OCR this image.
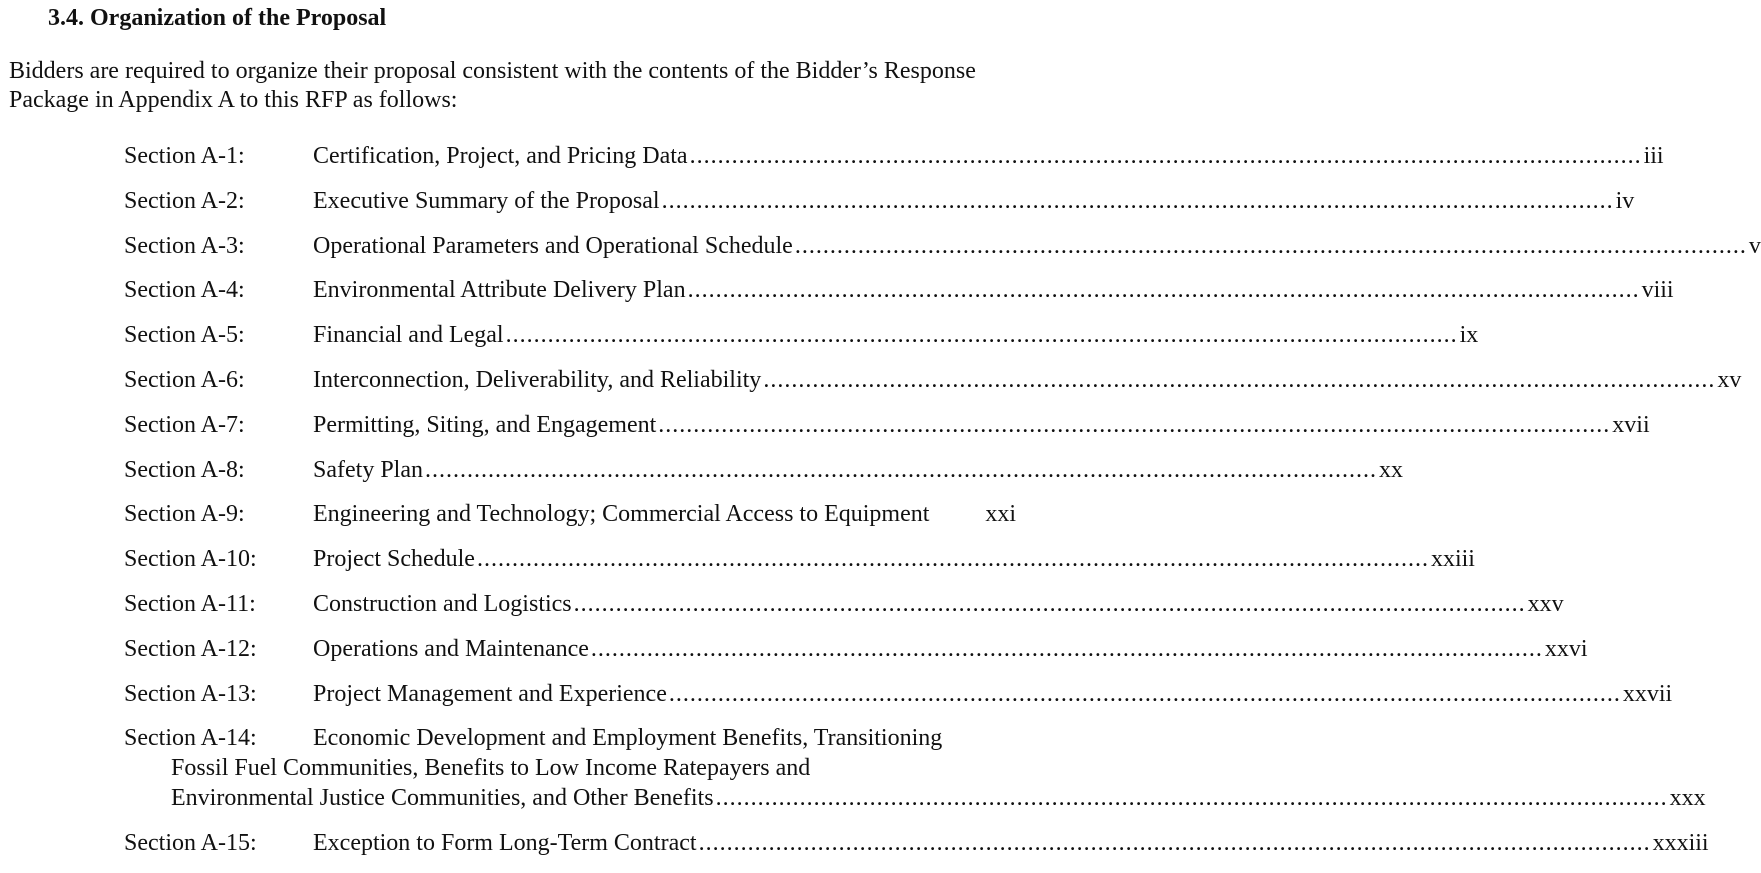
3.4. Organization of the Proposal
Bidders are required to organize their proposal consistent with the contents of the Bidder’s Response Package in Appendix A to this RFP as follows:
Section A-1:	Certification, Project, and Pricing Data ........................................................................................................................................ iii
Section A-2:	Executive Summary of the Proposal ........................................................................................................................................ iv
Section A-3:	Operational Parameters and Operational Schedule ........................................................................................................................................ v
Section A-4:	Environmental Attribute Delivery Plan ........................................................................................................................................ viii
Section A-5:	Financial and Legal ........................................................................................................................................ ix
Section A-6:	Interconnection, Deliverability, and Reliability ........................................................................................................................................ xv
Section A-7:	Permitting, Siting, and Engagement ........................................................................................................................................ xvii
Section A-8:	Safety Plan ........................................................................................................................................ xx
Section A-9:	Engineering and Technology; Commercial Access to Equipment xxi
Section A-10:	Project Schedule ........................................................................................................................................ xxiii
Section A-11:	Construction and Logistics ........................................................................................................................................ xxv
Section A-12:	Operations and Maintenance ........................................................................................................................................ xxvi
Section A-13:	Project Management and Experience ........................................................................................................................................ xxvii
Section A-14: Economic Development and Employment Benefits, Transitioning
Fossil Fuel Communities, Benefits to Low Income Ratepayers and
Environmental Justice Communities, and Other Benefits ........................................................................................................................................ xxx
Section A-15:	Exception to Form Long-Term Contract ........................................................................................................................................ xxxiii
